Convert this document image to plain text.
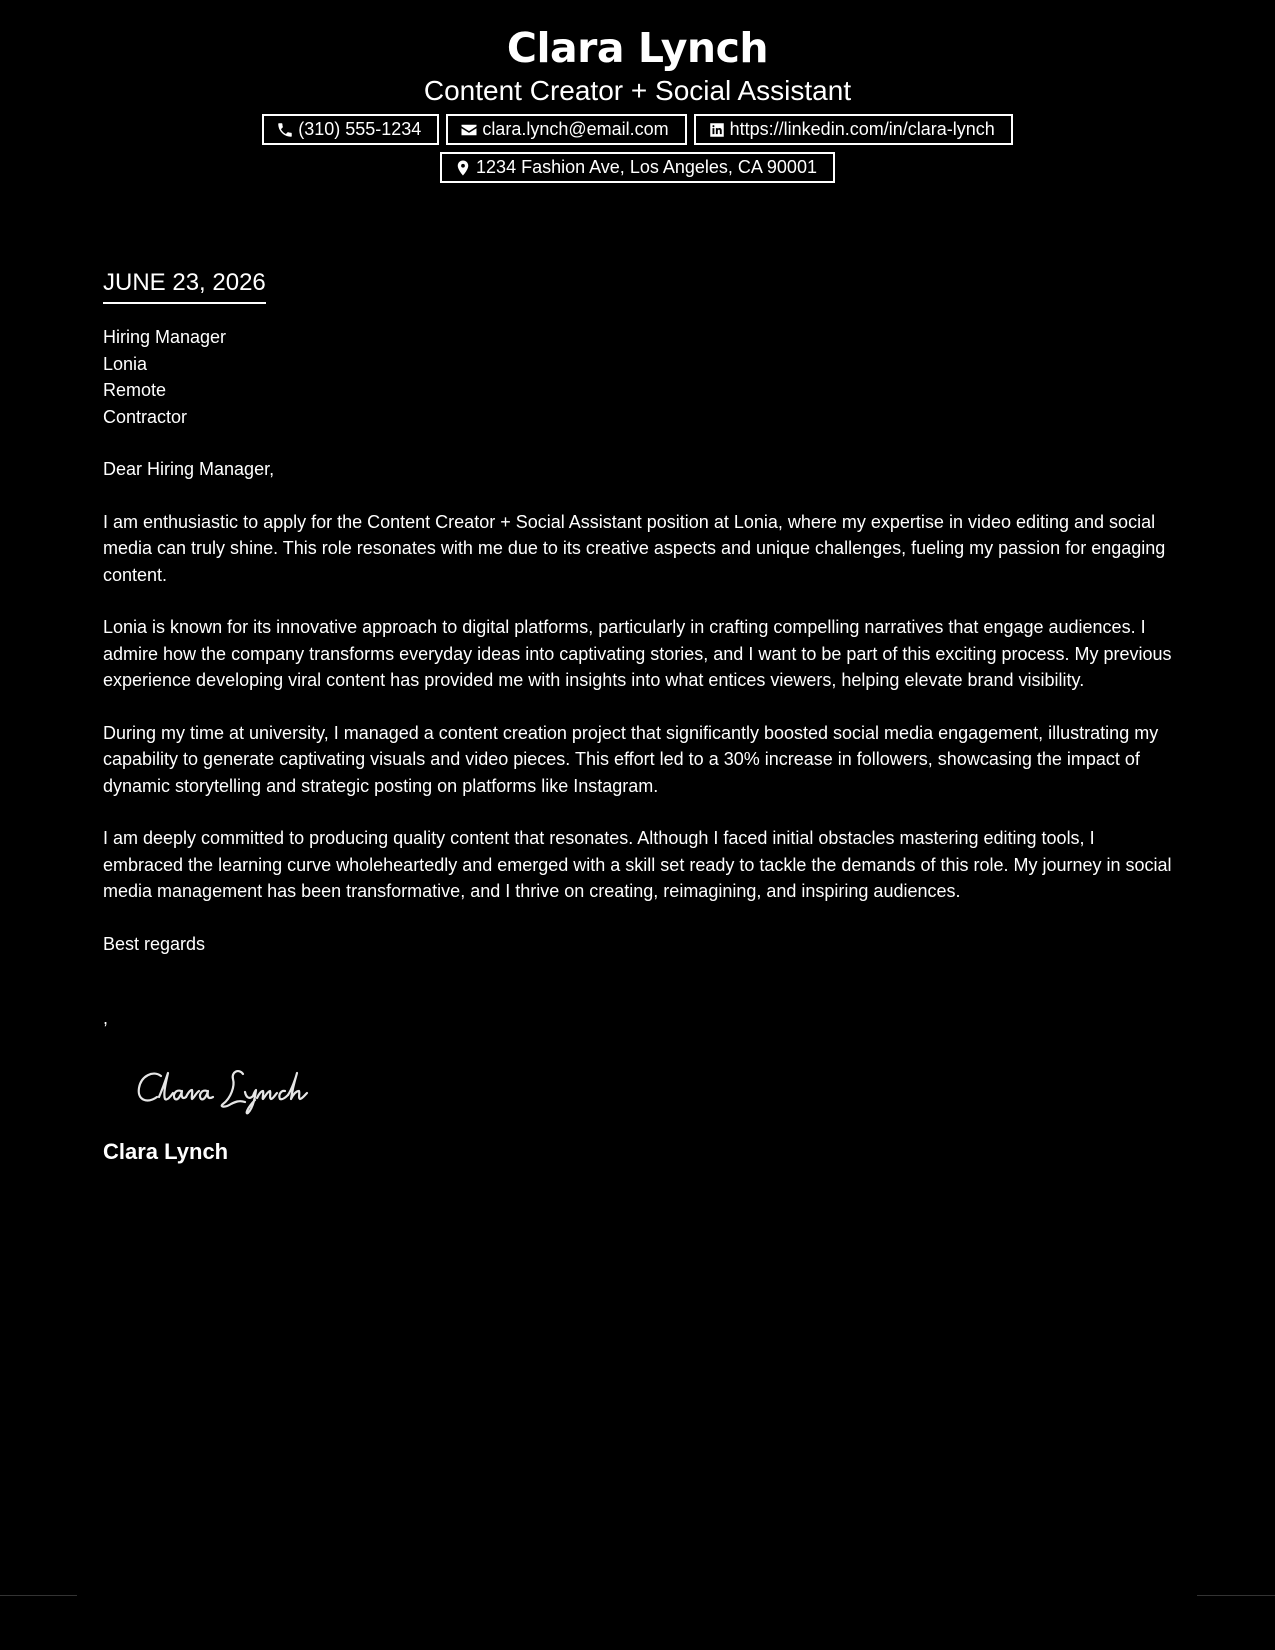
Clara Lynch
Content Creator + Social Assistant
(310) 555-1234	clara.lynch@email.com	https://linkedin.com/in/clara-lynch
1234 Fashion Ave, Los Angeles, CA 90001
JUNE 23, 2026
Hiring Manager
Lonia
Remote
Contractor
Dear Hiring Manager,
I am enthusiastic to apply for the Content Creator + Social Assistant position at Lonia, where my expertise in video editing and social media can truly shine. This role resonates with me due to its creative aspects and unique challenges, fueling my passion for engaging content.
Lonia is known for its innovative approach to digital platforms, particularly in crafting compelling narratives that engage audiences. I admire how the company transforms everyday ideas into captivating stories, and I want to be part of this exciting process. My previous experience developing viral content has provided me with insights into what entices viewers, helping elevate brand visibility.
During my time at university, I managed a content creation project that significantly boosted social media engagement, illustrating my capability to generate captivating visuals and video pieces. This effort led to a 30% increase in followers, showcasing the impact of dynamic storytelling and strategic posting on platforms like Instagram.
I am deeply committed to producing quality content that resonates. Although I faced initial obstacles mastering editing tools, I embraced the learning curve wholeheartedly and emerged with a skill set ready to tackle the demands of this role. My journey in social media management has been transformative, and I thrive on creating, reimagining, and inspiring audiences.
Best regards
,
Clara Lynch
